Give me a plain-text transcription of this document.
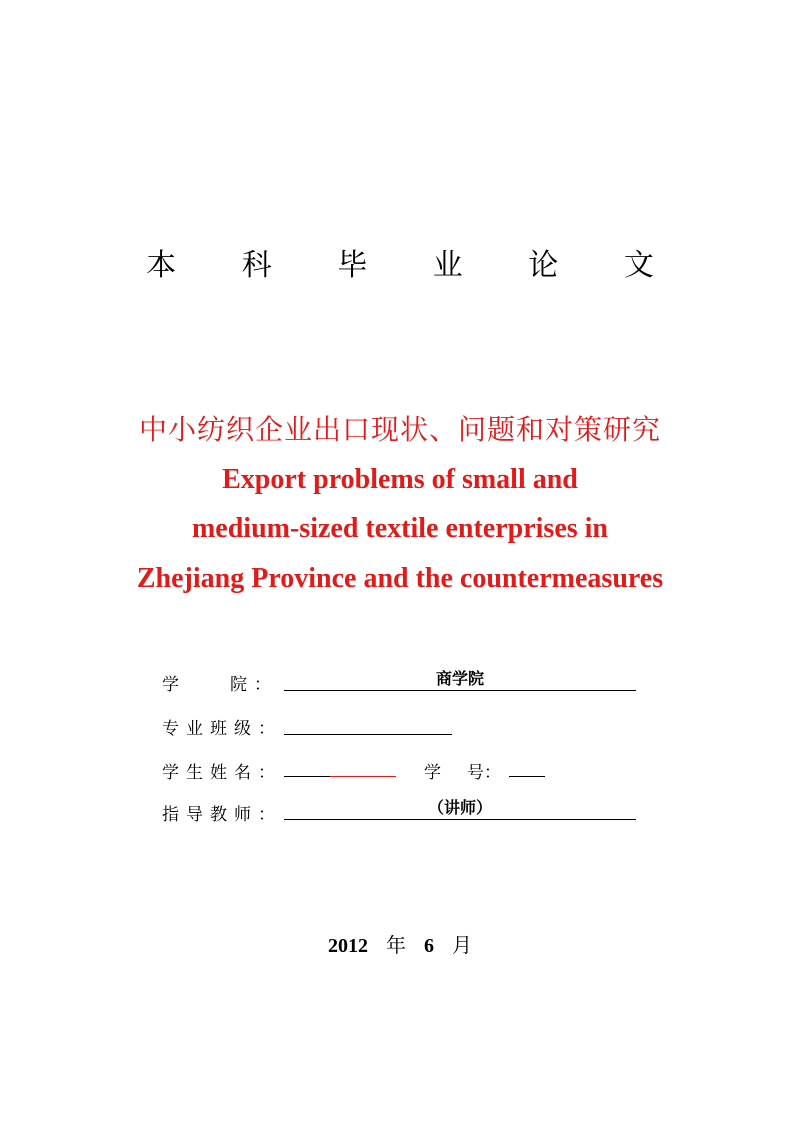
本 科 毕 业 论 文
中小纺织企业出口现状、问题和对策研究
Export problems of small and
medium-sized textile enterprises in
Zhejiang Province and the countermeasures
学	院：	商学院
专业班级：
学生姓名：	学 号：
指导教师：	（讲师）
2012 年 6 月
